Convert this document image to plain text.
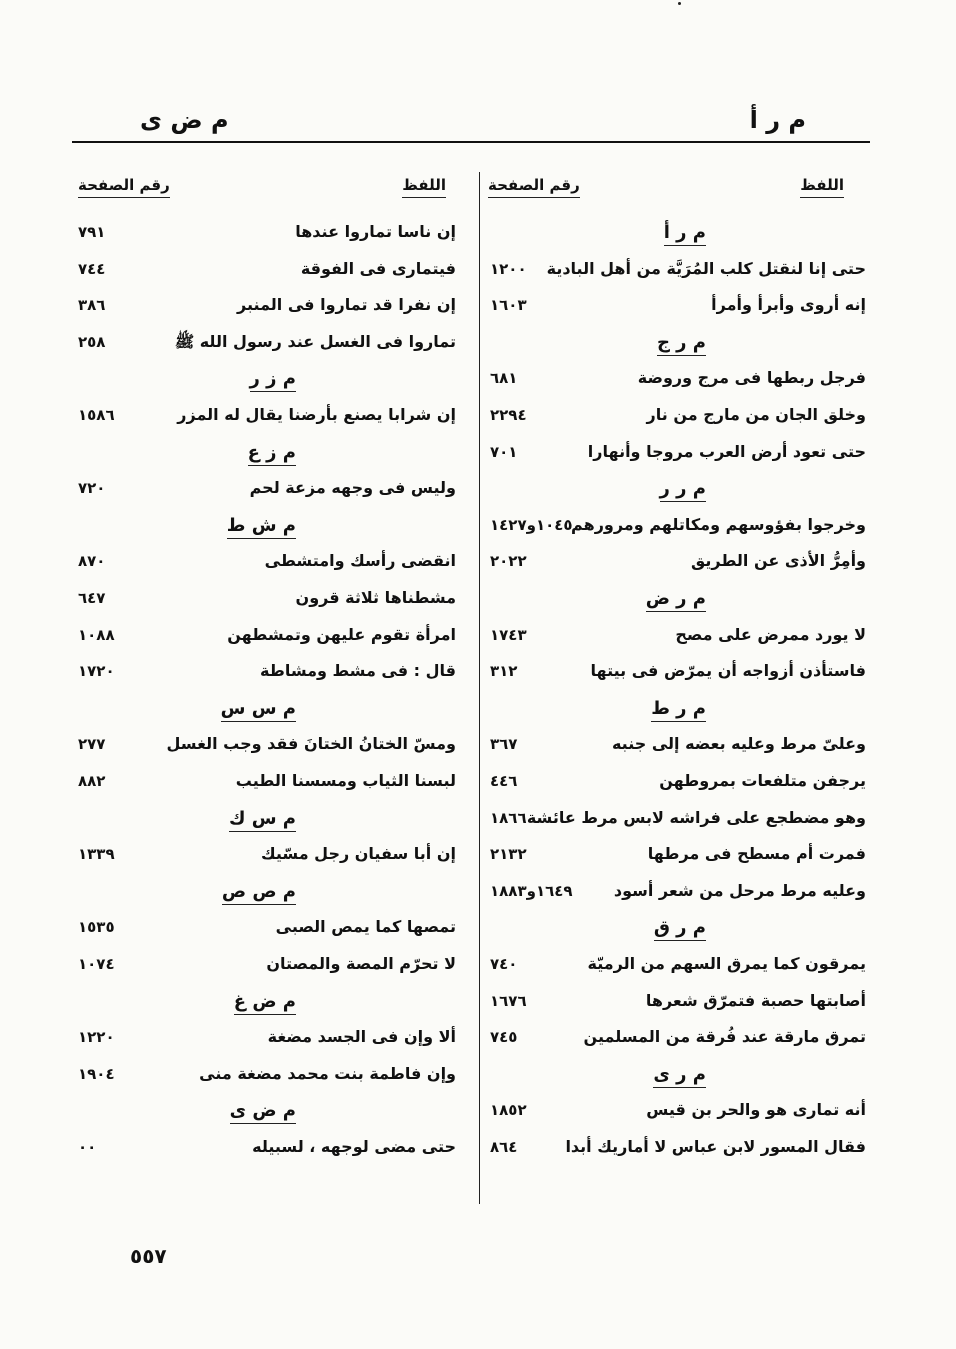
م ر أ
م ض ى
اللفظ
رقم الصفحة
اللفظ
رقم الصفحة
م ر أ
حتى إنا لنقتل كلب المُرَيَّة من أهل البادية
١٢٠٠
إنه أروى وأبرأ وأمرأ
١٦٠٣
م ر ج
فرجل ربطها فى مرج وروضة
٦٨١
وخلق الجان من مارج من نار
٢٢٩٤
حتى تعود أرض العرب مروجا وأنهارا
٧٠١
م ر ر
وخرجوا بفؤوسهم ومكاتلهم ومرورهم
١٠٤٥و١٤٢٧
وأمِرُّ الأذى عن الطريق
٢٠٢٢
م ر ض
لا يورد ممرض على مصح
١٧٤٣
فاستأذن أزواجه أن يمرّض فى بيتها
٣١٢
م ر ط
وعلىّ مرط وعليه بعضه إلى جنبه
٣٦٧
يرجفن متلفعات بمروطهن
٤٤٦
وهو مضطجع على فراشه لابس مرط عائشة
١٨٦٦
فمرت أم مسطح فى مرطها
٢١٣٢
وعليه مرط مرحل من شعر أسود
١٦٤٩و١٨٨٣
م ر ق
يمرقون كما يمرق السهم من الرميّة
٧٤٠
أصابتها حصبة فتمرّق شعرها
١٦٧٦
تمرق مارقة عند فُرقة من المسلمين
٧٤٥
م ر ى
أنه تمارى هو والحر بن قيس
١٨٥٢
فقال المسور لابن عباس لا أماريك أبدا
٨٦٤
إن ناسا تماروا عندها
٧٩١
فيتمارى فى الفوقة
٧٤٤
إن نفرا قد تماروا فى المنبر
٣٨٦
تماروا فى الغسل عند رسول الله ﷺ
٢٥٨
م ز ر
إن شرابا يصنع بأرضنا يقال له المزر
١٥٨٦
م ز ع
وليس فى وجهه مزعة لحم
٧٢٠
م ش ط
انقضى رأسك وامتشطى
٨٧٠
مشطناها ثلاثة قرون
٦٤٧
امرأة تقوم عليهن وتمشطهن
١٠٨٨
قال : فى مشط ومشاطة
١٧٢٠
م س س
ومسّ الختانُ الختانَ فقد وجب الغسل
٢٧٧
لبسنا الثياب ومسسنا الطيب
٨٨٢
م س ك
إن أبا سفيان رجل مسّيك
١٣٣٩
م ص ص
تمصها كما يمص الصبى
١٥٣٥
لا تحرّم المصة والمصتان
١٠٧٤
م ض غ
ألا وإن فى الجسد مضغة
١٢٢٠
وإن فاطمة بنت محمد مضغة منى
١٩٠٤
م ض ى
حتى مضى لوجهه ، لسبيله
٠٠
٥٥٧
